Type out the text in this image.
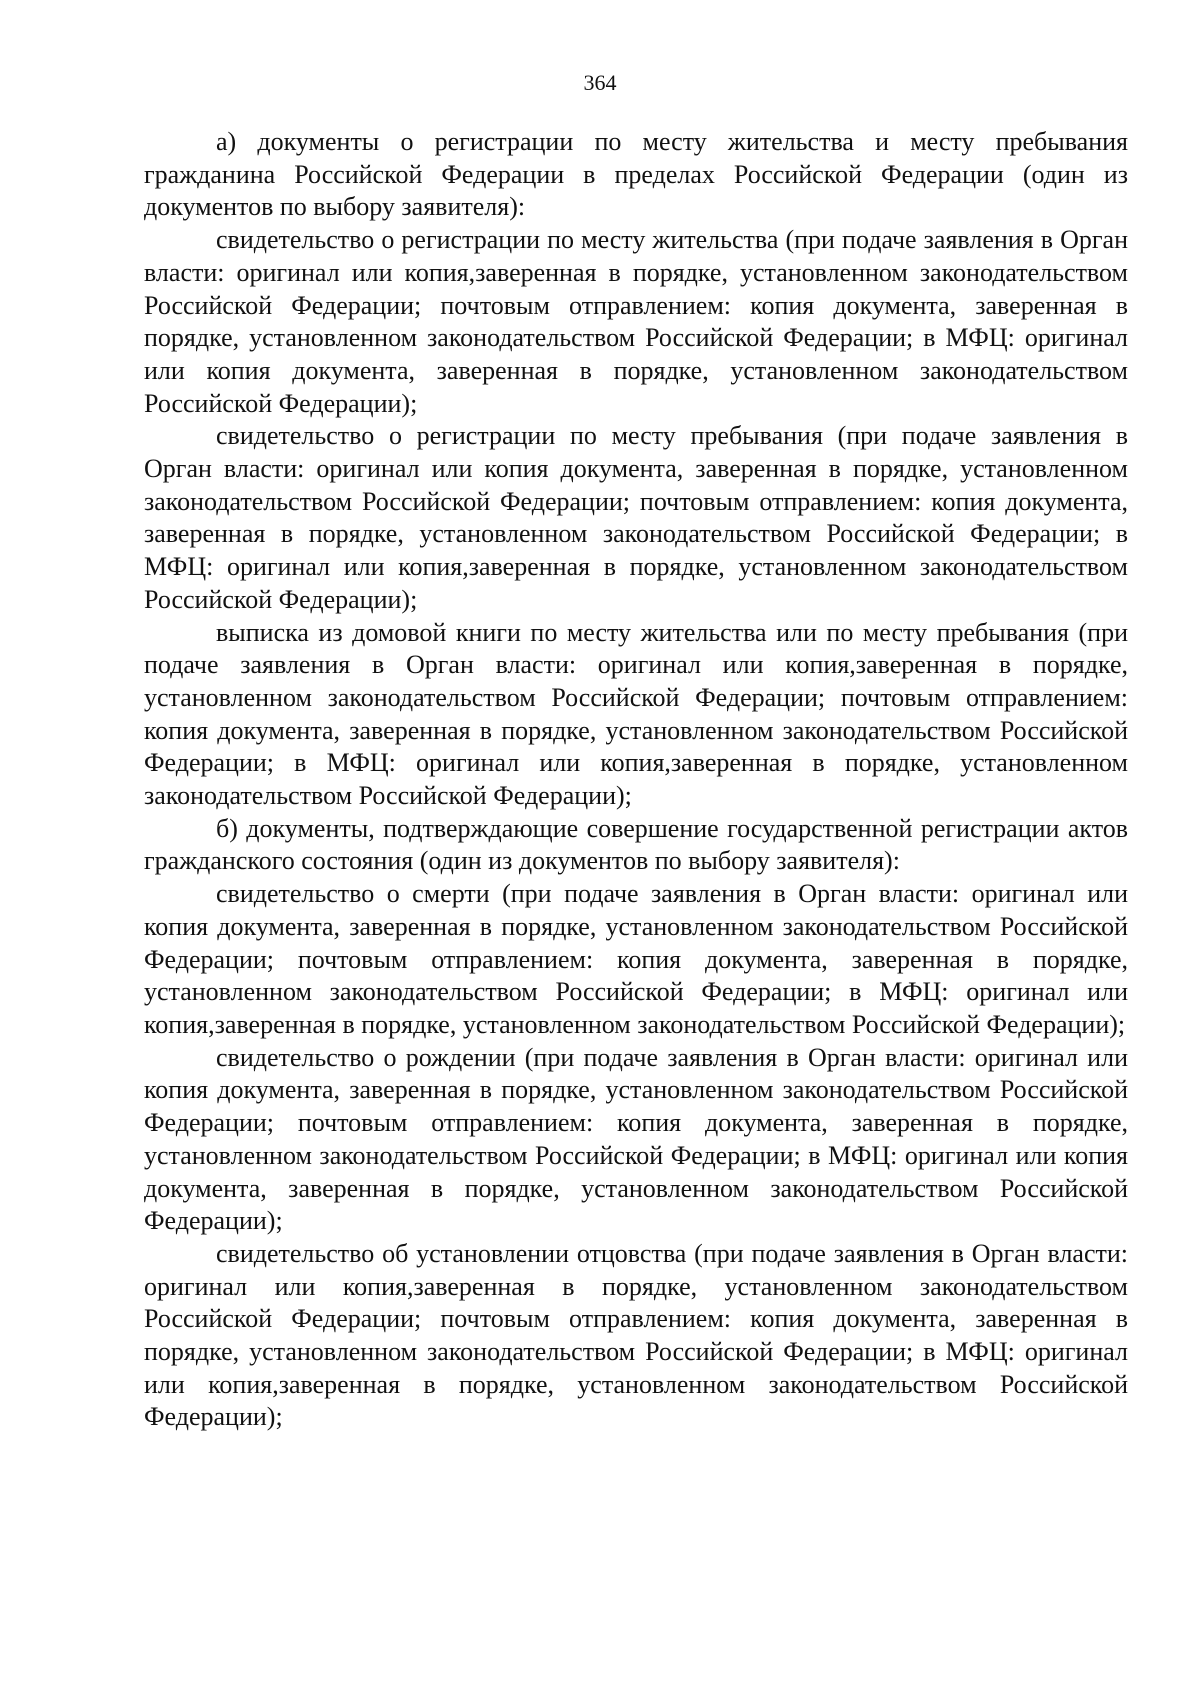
364

а) документы о регистрации по месту жительства и месту пребывания гражданина Российской Федерации в пределах Российской Федерации (один из документов по выбору заявителя):

свидетельство о регистрации по месту жительства (при подаче заявления в Орган власти: оригинал или копия,заверенная в порядке, установленном законодательством Российской Федерации; почтовым отправлением: копия документа, заверенная в порядке, установленном законодательством Российской Федерации; в МФЦ: оригинал или копия документа, заверенная в порядке, установленном законодательством Российской Федерации);

свидетельство о регистрации по месту пребывания (при подаче заявления в Орган власти: оригинал или копия документа, заверенная в порядке, установленном законодательством Российской Федерации; почтовым отправлением: копия документа, заверенная в порядке, установленном законодательством Российской Федерации; в МФЦ: оригинал или копия,заверенная в порядке, установленном законодательством Российской Федерации);

выписка из домовой книги по месту жительства или по месту пребывания (при подаче заявления в Орган власти: оригинал или копия,заверенная в порядке, установленном законодательством Российской Федерации; почтовым отправлением: копия документа, заверенная в порядке, установленном законодательством Российской Федерации; в МФЦ: оригинал или копия,заверенная в порядке, установленном законодательством Российской Федерации);

б) документы, подтверждающие совершение государственной регистрации актов гражданского состояния (один из документов по выбору заявителя):

свидетельство о смерти (при подаче заявления в Орган власти: оригинал или копия документа, заверенная в порядке, установленном законодательством Российской Федерации; почтовым отправлением: копия документа, заверенная в порядке, установленном законодательством Российской Федерации; в МФЦ: оригинал или копия,заверенная в порядке, установленном законодательством Российской Федерации);

свидетельство о рождении (при подаче заявления в Орган власти: оригинал или копия документа, заверенная в порядке, установленном законодательством Российской Федерации; почтовым отправлением: копия документа, заверенная в порядке, установленном законодательством Российской Федерации; в МФЦ: оригинал или копия документа, заверенная в порядке, установленном законодательством Российской Федерации);

свидетельство об установлении отцовства (при подаче заявления в Орган власти: оригинал или копия,заверенная в порядке, установленном законодательством Российской Федерации; почтовым отправлением: копия документа, заверенная в порядке, установленном законодательством Российской Федерации; в МФЦ: оригинал или копия,заверенная в порядке, установленном законодательством Российской Федерации);
